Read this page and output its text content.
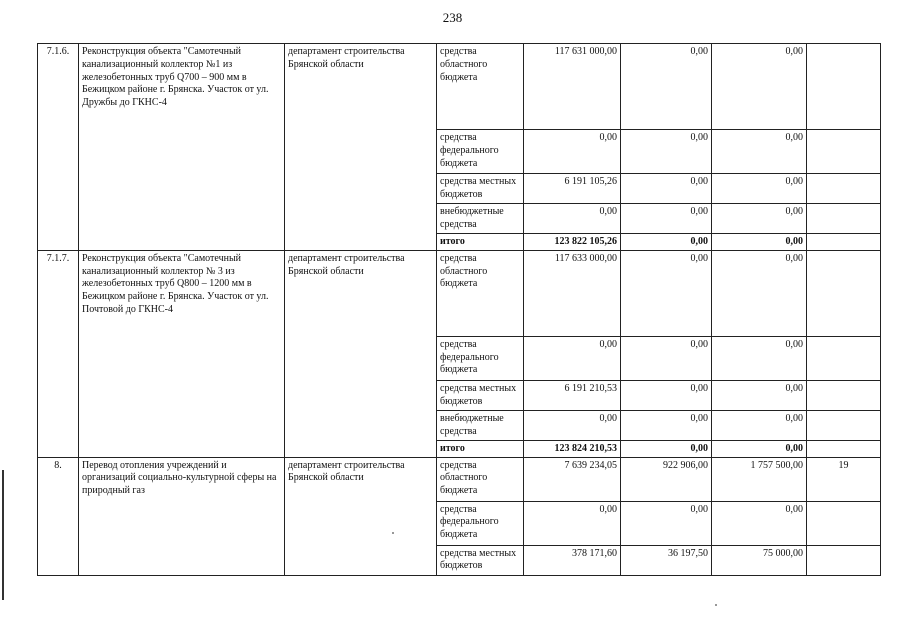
238
7.1.6.	Реконструкция объекта "Самотечный канализационный коллектор №1 из железобетонных труб Q700 – 900 мм в Бежицком районе г. Брянска. Участок от ул. Дружбы до ГКНС-4	департамент строительства Брянской области	средства областного бюджета	117 631 000,00	0,00	0,00	
			средства федерального бюджета	0,00	0,00	0,00	
			средства местных бюджетов	6 191 105,26	0,00	0,00	
			внебюджетные средства	0,00	0,00	0,00	
			итого	123 822 105,26	0,00	0,00	
7.1.7.	Реконструкция объекта "Самотечный канализационный коллектор № 3 из железобетонных труб Q800 – 1200 мм в Бежицком районе г. Брянска. Участок от ул. Почтовой до ГКНС-4	департамент строительства Брянской области	средства областного бюджета	117 633 000,00	0,00	0,00	
			средства федерального бюджета	0,00	0,00	0,00	
			средства местных бюджетов	6 191 210,53	0,00	0,00	
			внебюджетные средства	0,00	0,00	0,00	
			итого	123 824 210,53	0,00	0,00	
8.	Перевод отопления учреждений и организаций социально-культурной сферы на природный газ	департамент строительства Брянской области	средства областного бюджета	7 639 234,05	922 906,00	1 757 500,00	19
			средства федерального бюджета	0,00	0,00	0,00	
			средства местных бюджетов	378 171,60	36 197,50	75 000,00	
